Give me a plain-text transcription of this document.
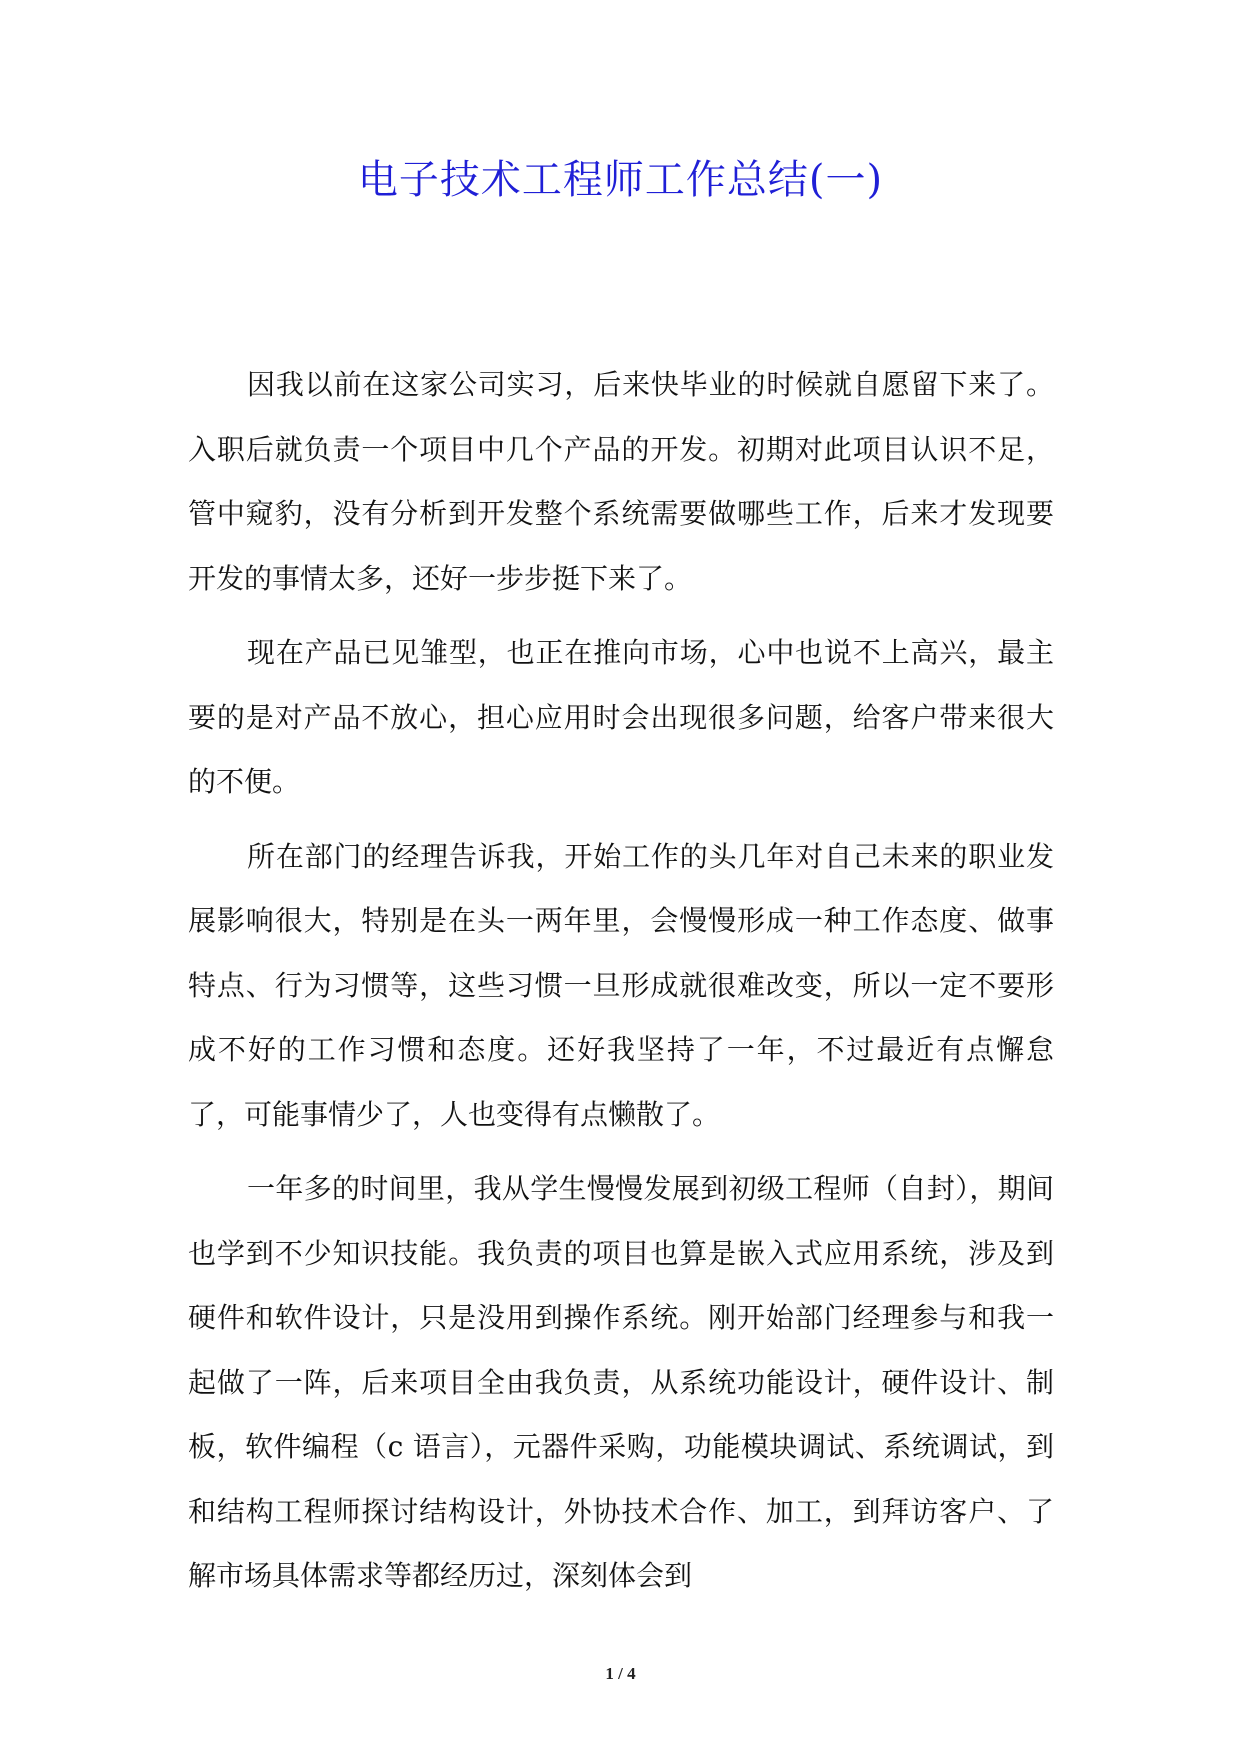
电子技术工程师工作总结(一)

因我以前在这家公司实习，后来快毕业的时候就自愿留下来了。入职后就负责一个项目中几个产品的开发。初期对此项目认识不足，管中窥豹，没有分析到开发整个系统需要做哪些工作，后来才发现要开发的事情太多，还好一步步挺下来了。

现在产品已见雏型，也正在推向市场，心中也说不上高兴，最主要的是对产品不放心，担心应用时会出现很多问题，给客户带来很大的不便。

所在部门的经理告诉我，开始工作的头几年对自己未来的职业发展影响很大，特别是在头一两年里，会慢慢形成一种工作态度、做事特点、行为习惯等，这些习惯一旦形成就很难改变，所以一定不要形成不好的工作习惯和态度。还好我坚持了一年，不过最近有点懈怠了，可能事情少了，人也变得有点懒散了。

一年多的时间里，我从学生慢慢发展到初级工程师（自封），期间也学到不少知识技能。我负责的项目也算是嵌入式应用系统，涉及到硬件和软件设计，只是没用到操作系统。刚开始部门经理参与和我一起做了一阵，后来项目全由我负责，从系统功能设计，硬件设计、制板，软件编程（c 语言），元器件采购，功能模块调试、系统调试，到和结构工程师探讨结构设计，外协技术合作、加工，到拜访客户、了解市场具体需求等都经历过，深刻体会到

1 / 4
